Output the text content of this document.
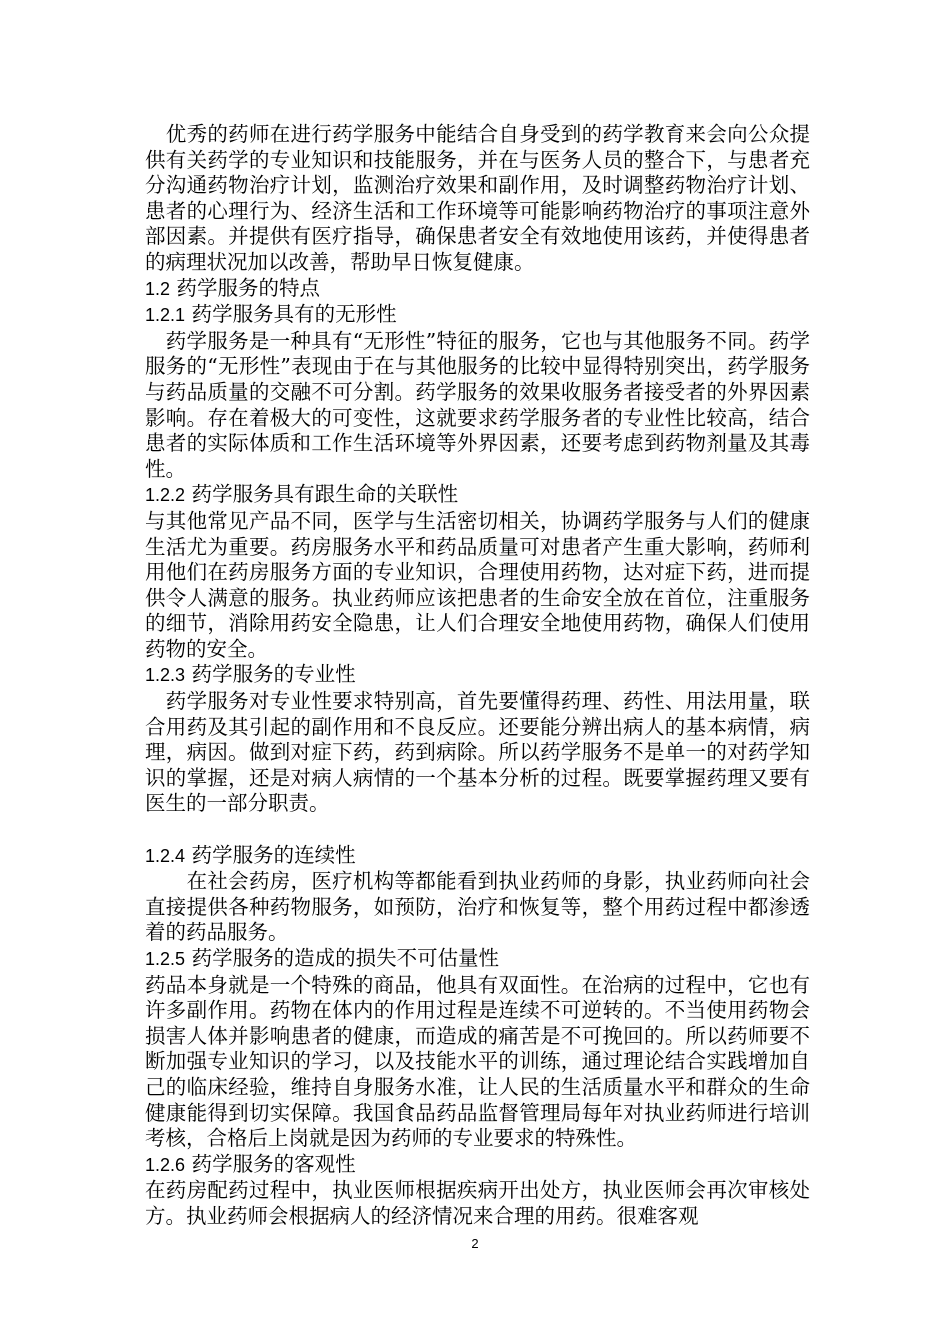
　优秀的药师在进行药学服务中能结合自身受到的药学教育来会向公众提供有关药学的专业知识和技能服务，并在与医务人员的整合下，与患者充分沟通药物治疗计划，监测治疗效果和副作用，及时调整药物治疗计划、患者的心理行为、经济生活和工作环境等可能影响药物治疗的事项注意外部因素。并提供有医疗指导，确保患者安全有效地使用该药，并使得患者的病理状况加以改善，帮助早日恢复健康。

1.2 药学服务的特点

1.2.1 药学服务具有的无形性

　药学服务是一种具有“无形性”特征的服务，它也与其他服务不同。药学服务的“无形性”表现由于在与其他服务的比较中显得特别突出，药学服务与药品质量的交融不可分割。药学服务的效果收服务者接受者的外界因素影响。存在着极大的可变性，这就要求药学服务者的专业性比较高，结合患者的实际体质和工作生活环境等外界因素，还要考虑到药物剂量及其毒性。

1.2.2 药学服务具有跟生命的关联性

与其他常见产品不同，医学与生活密切相关，协调药学服务与人们的健康生活尤为重要。药房服务水平和药品质量可对患者产生重大影响，药师利用他们在药房服务方面的专业知识，合理使用药物，达对症下药，进而提供令人满意的服务。执业药师应该把患者的生命安全放在首位，注重服务的细节，消除用药安全隐患，让人们合理安全地使用药物，确保人们使用药物的安全。

1.2.3 药学服务的专业性

　药学服务对专业性要求特别高，首先要懂得药理、药性、用法用量，联合用药及其引起的副作用和不良反应。还要能分辨出病人的基本病情，病理，病因。做到对症下药，药到病除。所以药学服务不是单一的对药学知识的掌握，还是对病人病情的一个基本分析的过程。既要掌握药理又要有医生的一部分职责。

1.2.4 药学服务的连续性

　　在社会药房，医疗机构等都能看到执业药师的身影，执业药师向社会直接提供各种药物服务，如预防，治疗和恢复等，整个用药过程中都渗透着的药品服务。

1.2.5 药学服务的造成的损失不可估量性

药品本身就是一个特殊的商品，他具有双面性。在治病的过程中，它也有许多副作用。药物在体内的作用过程是连续不可逆转的。不当使用药物会损害人体并影响患者的健康，而造成的痛苦是不可挽回的。所以药师要不断加强专业知识的学习，以及技能水平的训练，通过理论结合实践增加自己的临床经验，维持自身服务水准，让人民的生活质量水平和群众的生命健康能得到切实保障。我国食品药品监督管理局每年对执业药师进行培训考核，合格后上岗就是因为药师的专业要求的特殊性。

1.2.6 药学服务的客观性

在药房配药过程中，执业医师根据疾病开出处方，执业医师会再次审核处方。执业药师会根据病人的经济情况来合理的用药。很难客观

2
